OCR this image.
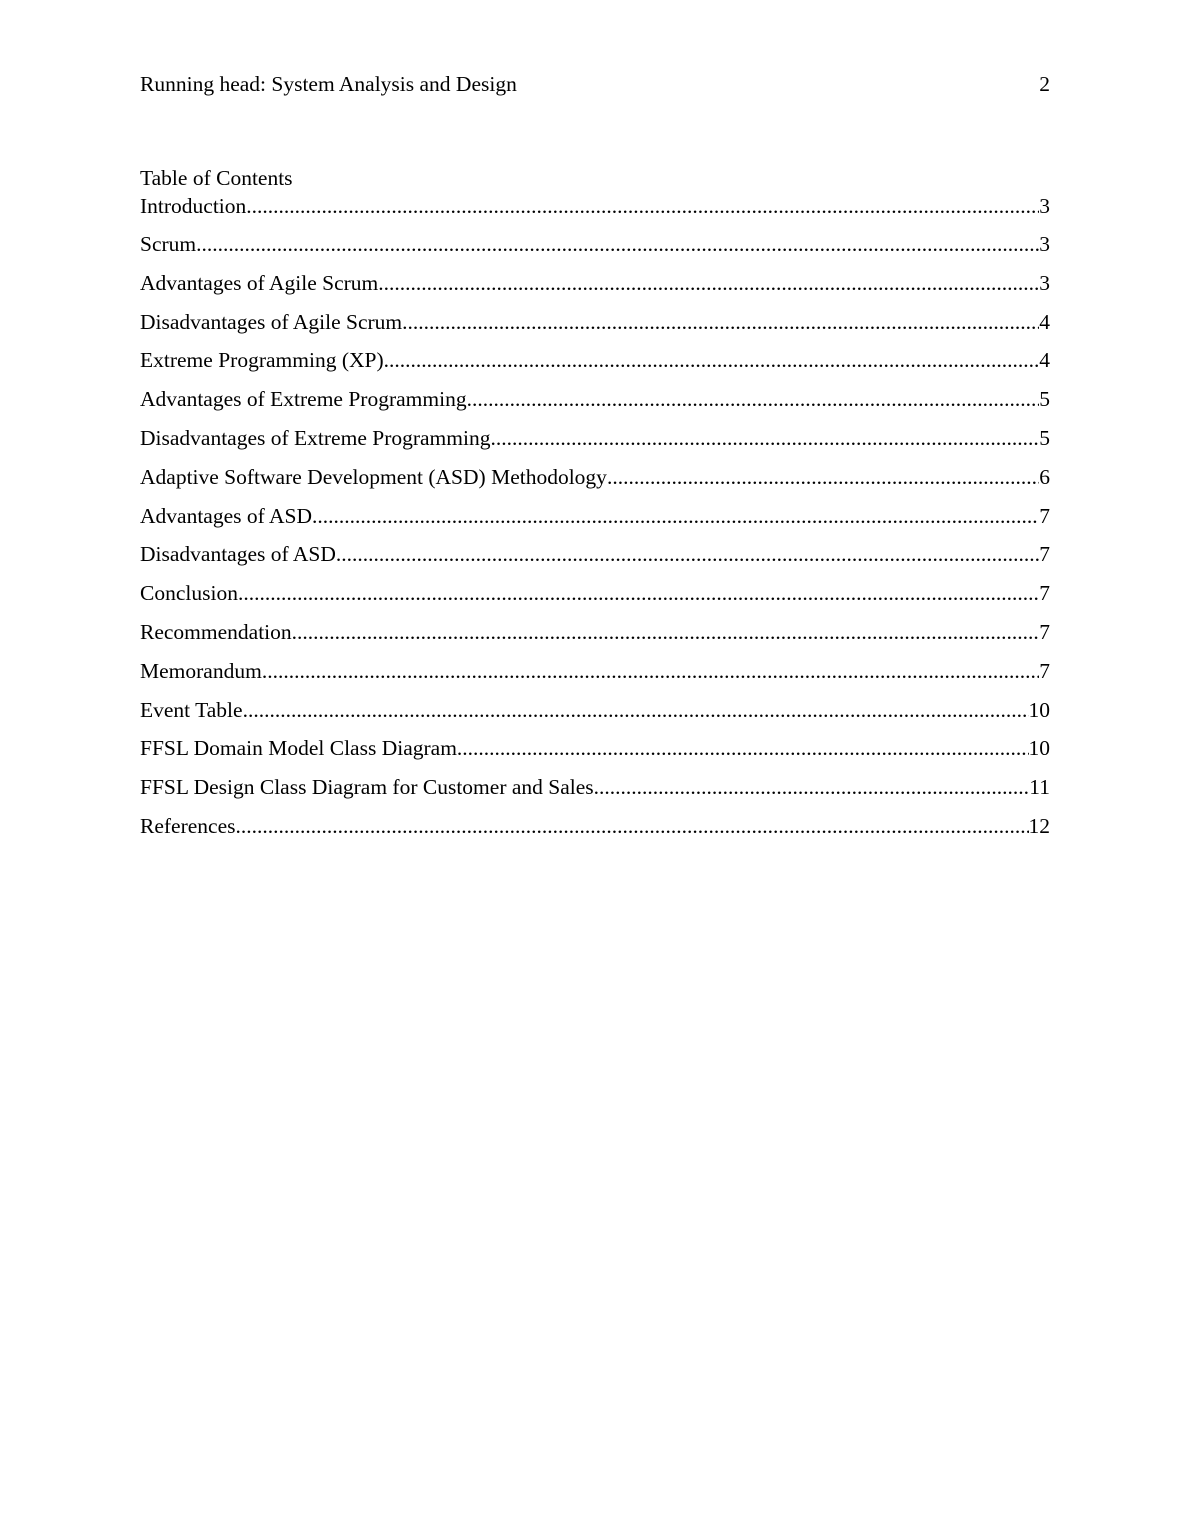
Running head: System Analysis and Design	2
Table of Contents
Introduction .....	3
Scrum .....	3
Advantages of Agile Scrum .....	3
Disadvantages of Agile Scrum .....	4
Extreme Programming (XP) .....	4
Advantages of Extreme Programming .....	5
Disadvantages of Extreme Programming .....	5
Adaptive Software Development (ASD) Methodology .....	6
Advantages of ASD .....	7
Disadvantages of ASD .....	7
Conclusion .....	7
Recommendation .....	7
Memorandum .....	7
Event Table .....	10
FFSL Domain Model Class Diagram .....	10
FFSL Design Class Diagram for Customer and Sales .....	11
References .....	12
